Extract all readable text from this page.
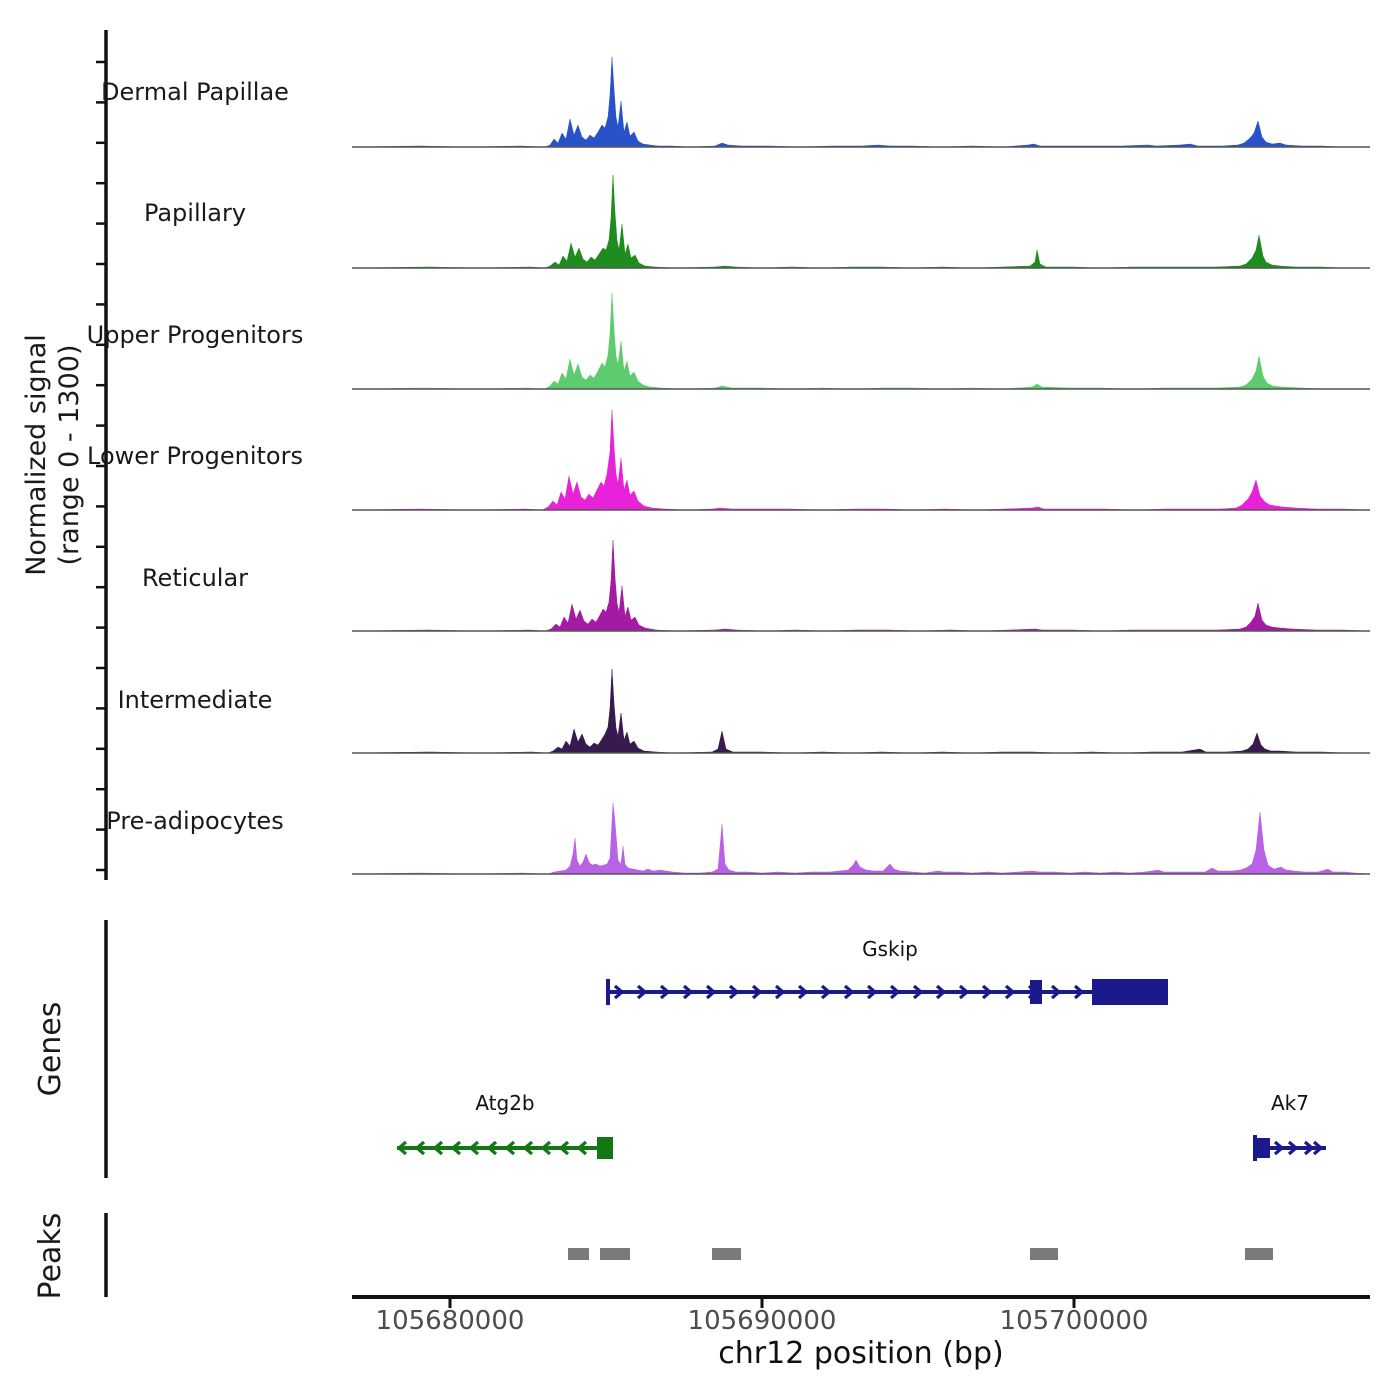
Gskip
Atg2b	Ak7
Normalized signal (range 0 - 1300)
Genes
Peaks
chr12 position (bp)
Dermal Papillae
Papillary
Upper Progenitors
Lower Progenitors
Reticular
Intermediate
Pre-adipocytes
105680000	105690000	105700000
